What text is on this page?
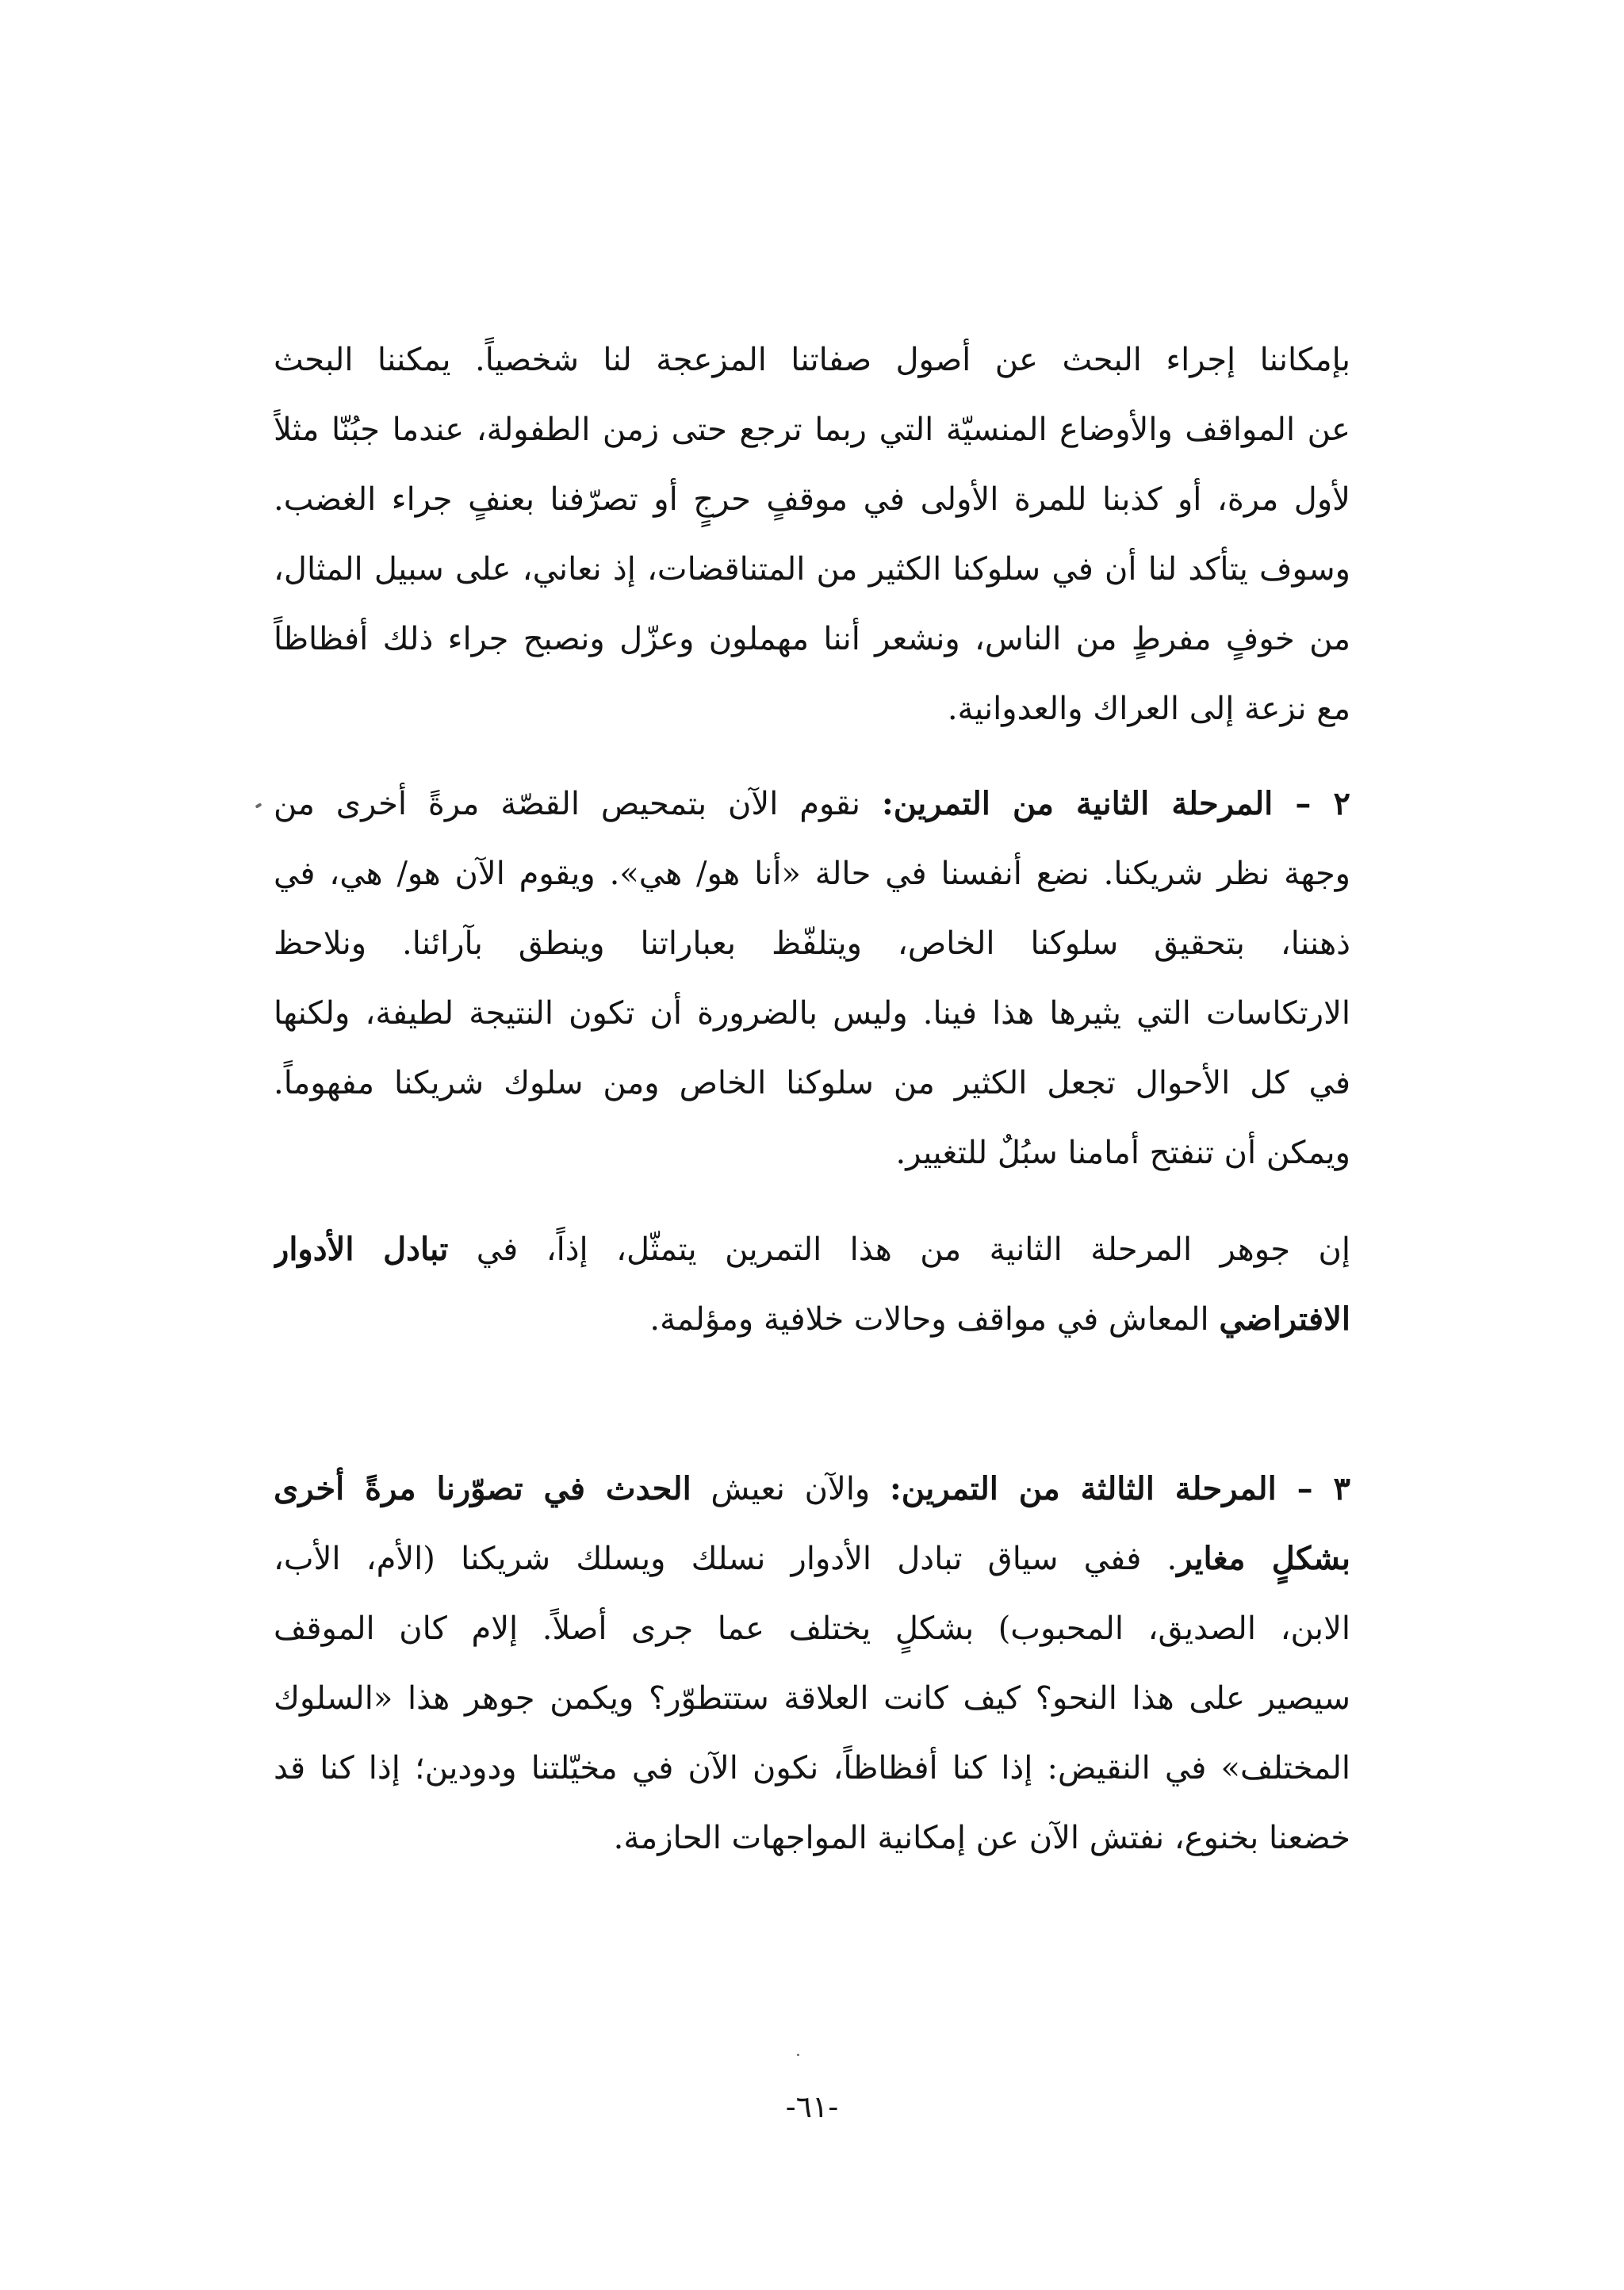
بإمكاننا إجراء البحث عن أصول صفاتنا المزعجة لنا شخصياً. يمكننا البحث
عن المواقف والأوضاع المنسيّة التي ربما ترجع حتى زمن الطفولة، عندما جبُنّا مثلاً
لأول مرة، أو كذبنا للمرة الأولى في موقفٍ حرجٍ أو تصرّفنا بعنفٍ جراء الغضب.
وسوف يتأكد لنا أن في سلوكنا الكثير من المتناقضات، إذ نعاني، على سبيل المثال،
من خوفٍ مفرطٍ من الناس، ونشعر أننا مهملون وعزّل ونصبح جراء ذلك أفظاظاً
مع نزعة إلى العراك والعدوانية.
٢ – المرحلة الثانية من التمرين: نقوم الآن بتمحيص القصّة مرةً أخرى من
وجهة نظر شريكنا. نضع أنفسنا في حالة «أنا هو/ هي». ويقوم الآن هو/ هي، في
ذهننا، بتحقيق سلوكنا الخاص، ويتلفّظ بعباراتنا وينطق بآرائنا. ونلاحظ
الارتكاسات التي يثيرها هذا فينا. وليس بالضرورة أن تكون النتيجة لطيفة، ولكنها
في كل الأحوال تجعل الكثير من سلوكنا الخاص ومن سلوك شريكنا مفهوماً.
ويمكن أن تنفتح أمامنا سبُلٌ للتغيير.
إن جوهر المرحلة الثانية من هذا التمرين يتمثّل، إذاً، في تبادل الأدوار
الافتراضي المعاش في مواقف وحالات خلافية ومؤلمة.
٣ – المرحلة الثالثة من التمرين: والآن نعيش الحدث في تصوّرنا مرةً أخرى
بشكلٍ مغاير. ففي سياق تبادل الأدوار نسلك ويسلك شريكنا (الأم، الأب،
الابن، الصديق، المحبوب) بشكلٍ يختلف عما جرى أصلاً. إلام كان الموقف
سيصير على هذا النحو؟ كيف كانت العلاقة ستتطوّر؟ ويكمن جوهر هذا «السلوك
المختلف» في النقيض: إذا كنا أفظاظاً، نكون الآن في مخيّلتنا ودودين؛ إذا كنا قد
خضعنا بخنوع، نفتش الآن عن إمكانية المواجهات الحازمة.
-٦١-
